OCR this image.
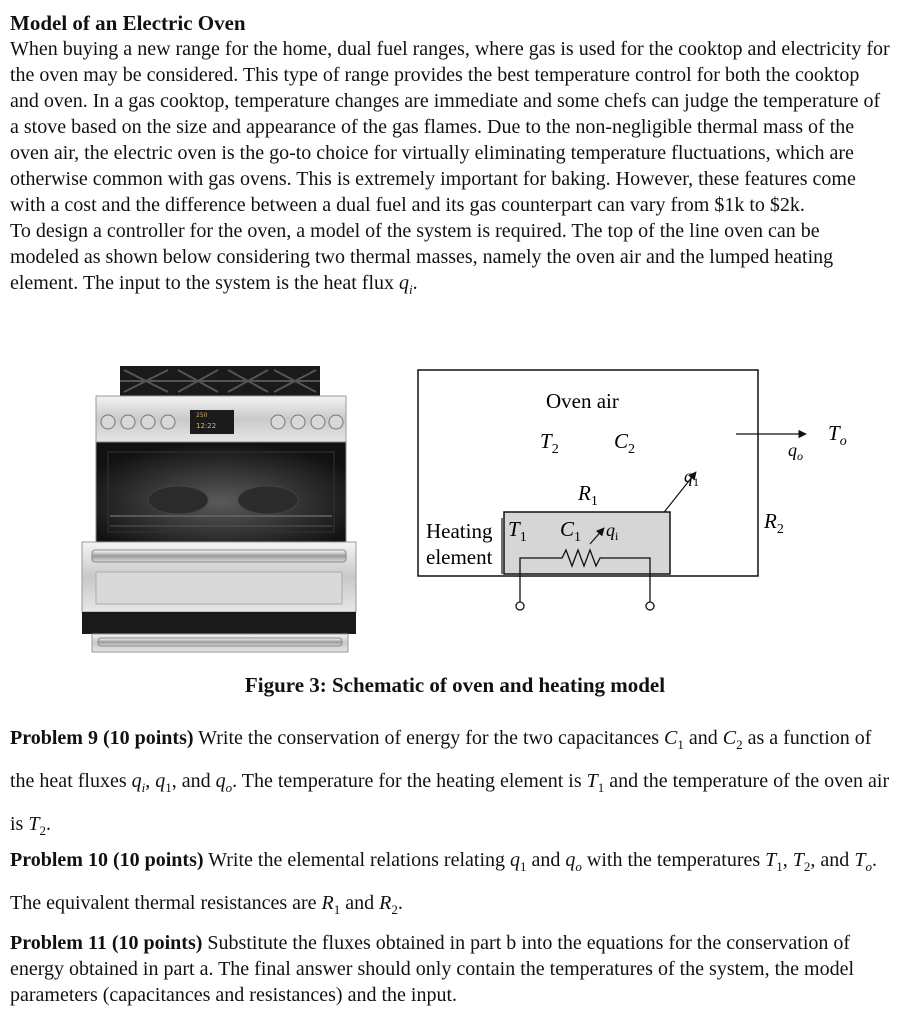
Model of an Electric Oven

When buying a new range for the home, dual fuel ranges, where gas is used for the cooktop and electricity for the oven may be considered. This type of range provides the best temperature control for both the cooktop and oven. In a gas cooktop, temperature changes are immediate and some chefs can judge the temperature of a stove based on the size and appearance of the gas flames. Due to the non-negligible thermal mass of the oven air, the electric oven is the go-to choice for virtually eliminating temperature fluctuations, which are otherwise common with gas ovens. This is extremely important for baking. However, these features come with a cost and the difference between a dual fuel and its gas counterpart can vary from $1k to $2k.

To design a controller for the oven, a model of the system is required. The top of the line oven can be modeled as shown below considering two thermal masses, namely the oven air and the lumped heating element. The input to the system is the heat flux $q_i$.

250
12:22
Oven air
$T_2$	$C_2$
$R_1$
$q_1$
$T_1$ $C_1$ $q_i$
Heating
element
$R_2$
$q_o$
$T_o$

Figure 3: Schematic of oven and heating model

Problem 9 (10 points) Write the conservation of energy for the two capacitances $C_1$ and $C_2$ as a function of the heat fluxes $q_i$, $q_1$, and $q_o$. The temperature for the heating element is $T_1$ and the temperature of the oven air is $T_2$.

Problem 10 (10 points) Write the elemental relations relating $q_1$ and $q_o$ with the temperatures $T_1$, $T_2$, and $T_o$. The equivalent thermal resistances are $R_1$ and $R_2$.

Problem 11 (10 points) Substitute the fluxes obtained in part b into the equations for the conservation of energy obtained in part a. The final answer should only contain the temperatures of the system, the model parameters (capacitances and resistances) and the input.
